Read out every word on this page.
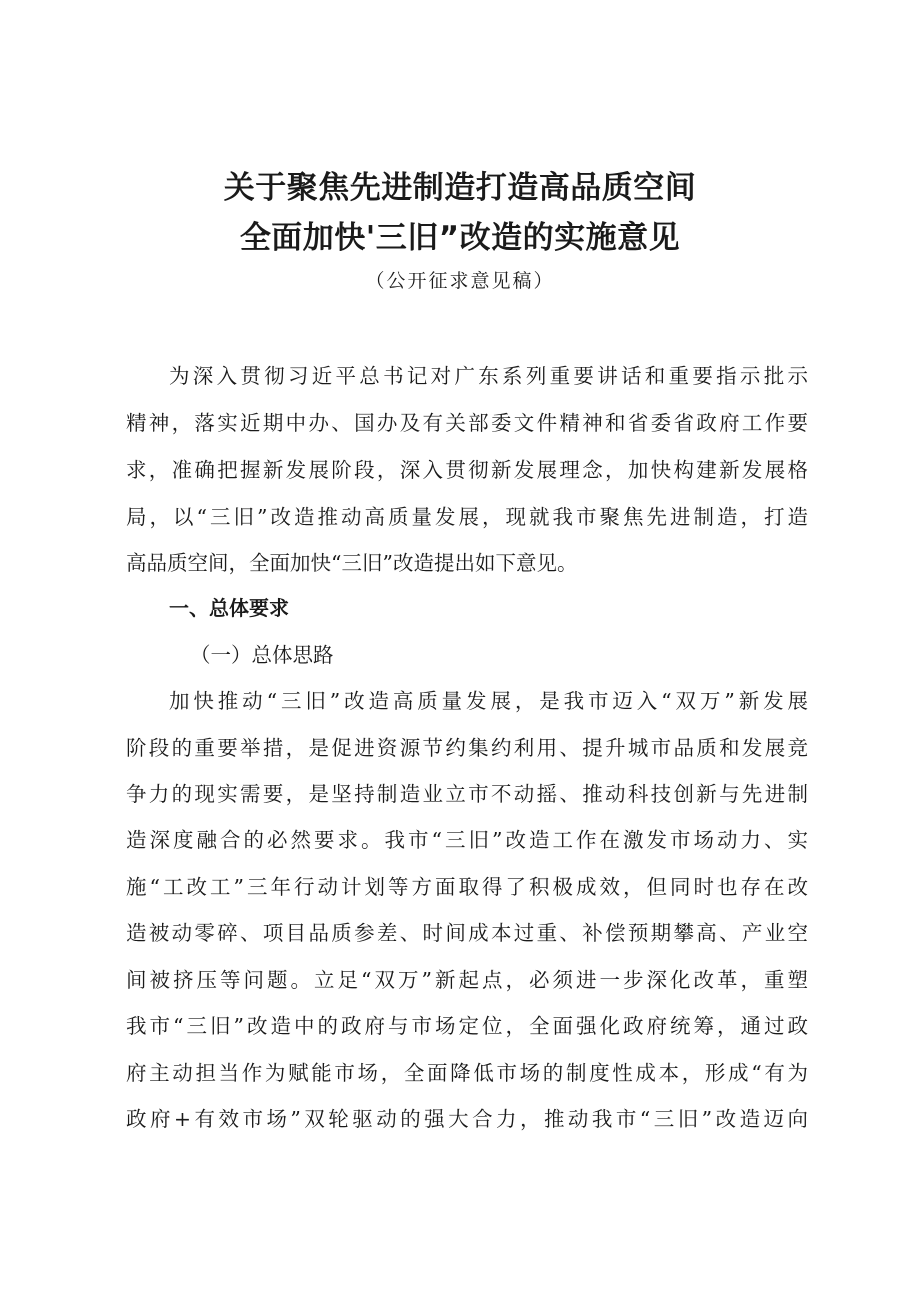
关于聚焦先进制造打造高品质空间
全面加快'三旧”改造的实施意见
（公开征求意见稿）
为深入贯彻习近平总书记对广东系列重要讲话和重要指示批示
精神，落实近期中办、国办及有关部委文件精神和省委省政府工作要
求，准确把握新发展阶段，深入贯彻新发展理念，加快构建新发展格
局，以“三旧”改造推动高质量发展，现就我市聚焦先进制造，打造
高品质空间，全面加快“三旧”改造提出如下意见。
一、总体要求
（一）总体思路
加快推动“三旧”改造高质量发展，是我市迈入“双万”新发展
阶段的重要举措，是促进资源节约集约利用、提升城市品质和发展竞
争力的现实需要，是坚持制造业立市不动摇、推动科技创新与先进制
造深度融合的必然要求。我市“三旧”改造工作在激发市场动力、实
施“工改工”三年行动计划等方面取得了积极成效，但同时也存在改
造被动零碎、项目品质参差、时间成本过重、补偿预期攀高、产业空
间被挤压等问题。立足“双万”新起点，必须进一步深化改革，重塑
我市“三旧”改造中的政府与市场定位，全面强化政府统筹，通过政
府主动担当作为赋能市场，全面降低市场的制度性成本，形成“有为
政府+有效市场”双轮驱动的强大合力，推动我市“三旧”改造迈向
